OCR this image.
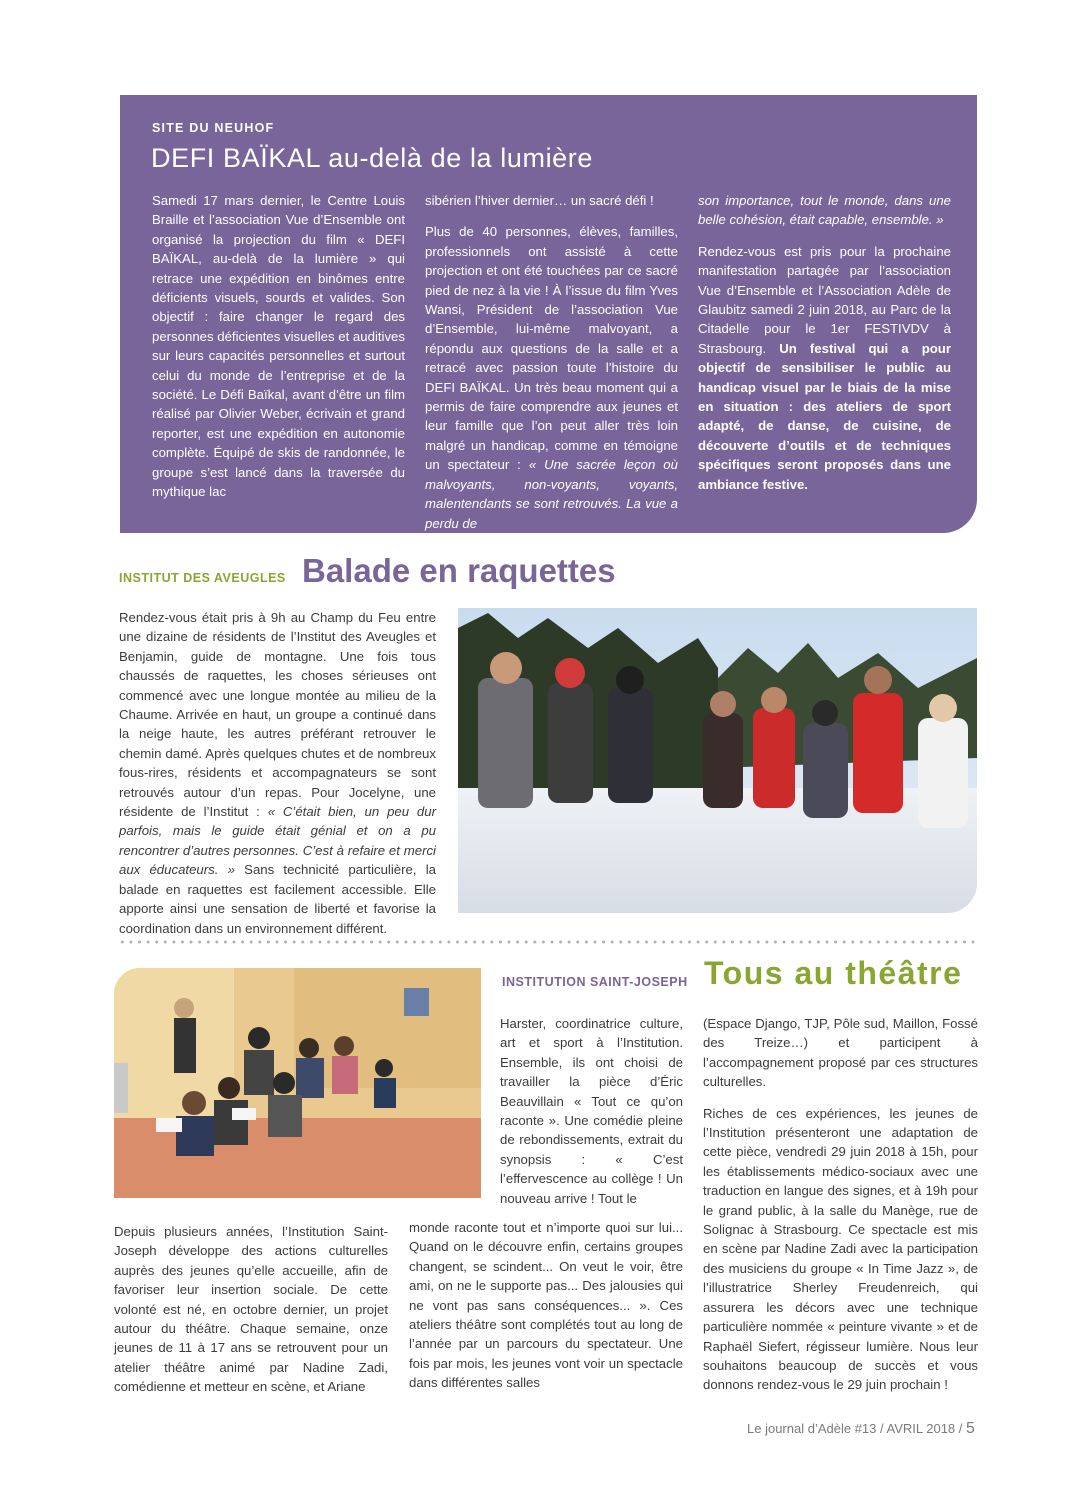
SITE DU NEUHOF
DEFI BAÏKAL au-delà de la lumière

Samedi 17 mars dernier, le Centre Louis Braille et l’association Vue d’Ensemble ont organisé la projection du film « DEFI BAÏKAL, au-delà de la lumière » qui retrace une expédition en binômes entre déficients visuels, sourds et valides. Son objectif : faire changer le regard des personnes déficientes visuelles et auditives sur leurs capacités personnelles et surtout celui du monde de l’entreprise et de la société. Le Défi Baïkal, avant d’être un film réalisé par Olivier Weber, écrivain et grand reporter, est une expédition en autonomie complète. Équipé de skis de randonnée, le groupe s’est lancé dans la traversée du mythique lac

sibérien l’hiver dernier… un sacré défi !

Plus de 40 personnes, élèves, familles, professionnels ont assisté à cette projection et ont été touchées par ce sacré pied de nez à la vie ! À l’issue du film Yves Wansi, Président de l’association Vue d’Ensemble, lui-même malvoyant, a répondu aux questions de la salle et a retracé avec passion toute l’histoire du DEFI BAÏKAL. Un très beau moment qui a permis de faire comprendre aux jeunes et leur famille que l’on peut aller très loin malgré un handicap, comme en témoigne un spectateur : « Une sacrée leçon où malvoyants, non-voyants, voyants, malentendants se sont retrouvés. La vue a perdu de

son importance, tout le monde, dans une belle cohésion, était capable, ensemble. »

Rendez-vous est pris pour la prochaine manifestation partagée par l’association Vue d’Ensemble et l’Association Adèle de Glaubitz samedi 2 juin 2018, au Parc de la Citadelle pour le 1er FESTIVDV à Strasbourg. Un festival qui a pour objectif de sensibiliser le public au handicap visuel par le biais de la mise en situation : des ateliers de sport adapté, de danse, de cuisine, de découverte d’outils et de techniques spécifiques seront proposés dans une ambiance festive.

INSTITUT DES AVEUGLES Balade en raquettes

Rendez-vous était pris à 9h au Champ du Feu entre une dizaine de résidents de l’Institut des Aveugles et Benjamin, guide de montagne. Une fois tous chaussés de raquettes, les choses sérieuses ont commencé avec une longue montée au milieu de la Chaume. Arrivée en haut, un groupe a continué dans la neige haute, les autres préférant retrouver le chemin damé. Après quelques chutes et de nombreux fous-rires, résidents et accompagnateurs se sont retrouvés autour d’un repas. Pour Jocelyne, une résidente de l’Institut : « C’était bien, un peu dur parfois, mais le guide était génial et on a pu rencontrer d’autres personnes. C’est à refaire et merci aux éducateurs. » Sans technicité particulière, la balade en raquettes est facilement accessible. Elle apporte ainsi une sensation de liberté et favorise la coordination dans un environnement différent.

INSTITUTION SAINT-JOSEPH Tous au théâtre

Depuis plusieurs années, l’Institution Saint-Joseph développe des actions culturelles auprès des jeunes qu’elle accueille, afin de favoriser leur insertion sociale. De cette volonté est né, en octobre dernier, un projet autour du théâtre. Chaque semaine, onze jeunes de 11 à 17 ans se retrouvent pour un atelier théâtre animé par Nadine Zadi, comédienne et metteur en scène, et Ariane

Harster, coordinatrice culture, art et sport à l’Institution. Ensemble, ils ont choisi de travailler la pièce d’Éric Beauvillain « Tout ce qu’on raconte ». Une comédie pleine de rebondissements, extrait du synopsis : « C’est l’effervescence au collège ! Un nouveau arrive ! Tout le

monde raconte tout et n’importe quoi sur lui... Quand on le découvre enfin, certains groupes changent, se scindent... On veut le voir, être ami, on ne le supporte pas... Des jalousies qui ne vont pas sans conséquences... ». Ces ateliers théâtre sont complétés tout au long de l’année par un parcours du spectateur. Une fois par mois, les jeunes vont voir un spectacle dans différentes salles

(Espace Django, TJP, Pôle sud, Maillon, Fossé des Treize…) et participent à l’accompagnement proposé par ces structures culturelles.

Riches de ces expériences, les jeunes de l’Institution présenteront une adaptation de cette pièce, vendredi 29 juin 2018 à 15h, pour les établissements médico-sociaux avec une traduction en langue des signes, et à 19h pour le grand public, à la salle du Manège, rue de Solignac à Strasbourg. Ce spectacle est mis en scène par Nadine Zadi avec la participation des musiciens du groupe « In Time Jazz », de l’illustratrice Sherley Freudenreich, qui assurera les décors avec une technique particulière nommée « peinture vivante » et de Raphaël Siefert, régisseur lumière. Nous leur souhaitons beaucoup de succès et vous donnons rendez-vous le 29 juin prochain !

Le journal d’Adèle #13 / AVRIL 2018 / 5
